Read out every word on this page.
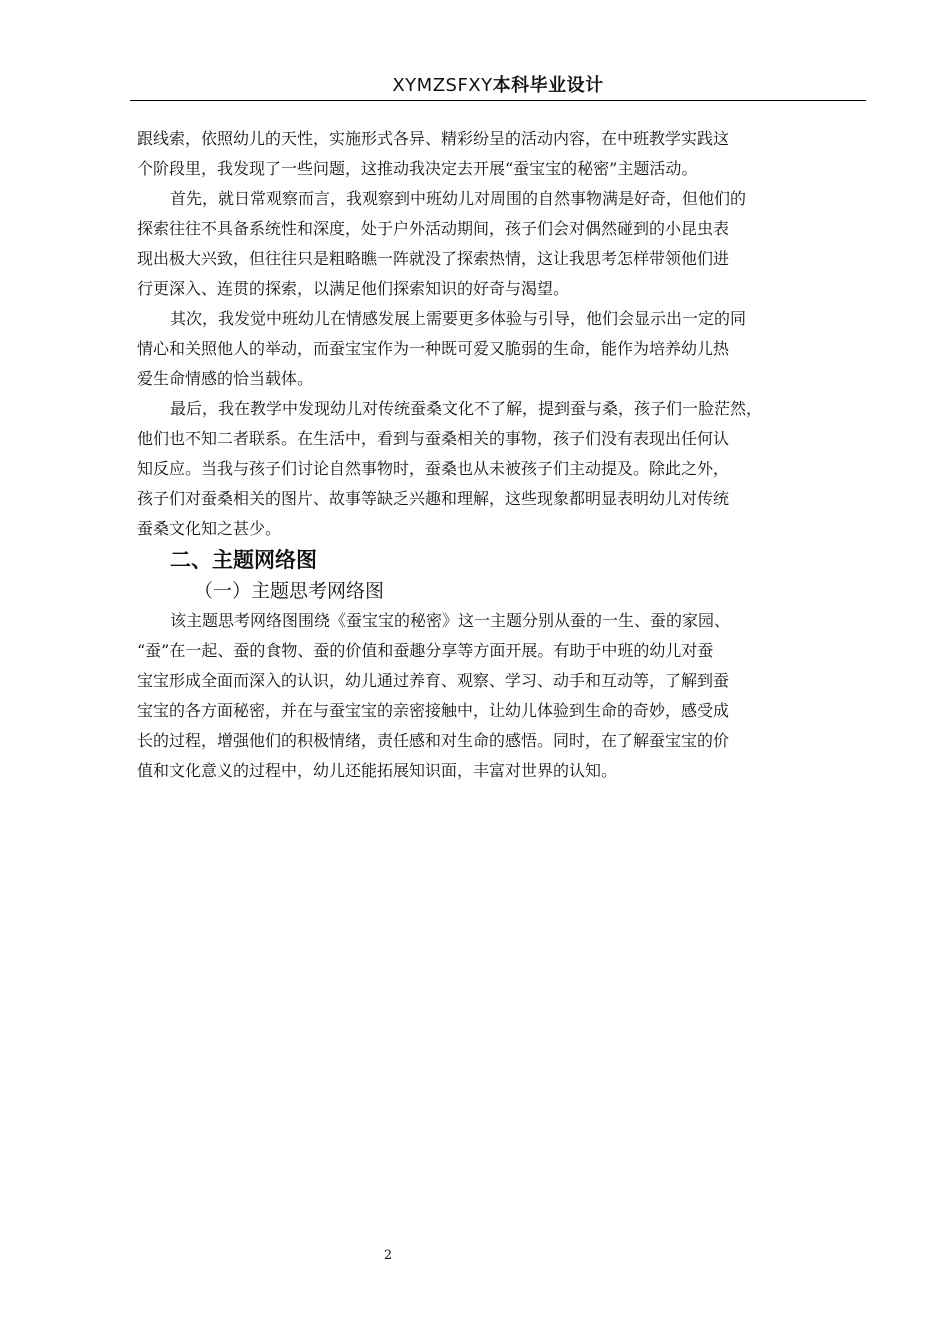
XYMZSFXY本科毕业设计
跟线索，依照幼儿的天性，实施形式各异、精彩纷呈的活动内容，在中班教学实践这
个阶段里，我发现了一些问题，这推动我决定去开展“蚕宝宝的秘密”主题活动。
首先，就日常观察而言，我观察到中班幼儿对周围的自然事物满是好奇，但他们的
探索往往不具备系统性和深度，处于户外活动期间，孩子们会对偶然碰到的小昆虫表
现出极大兴致，但往往只是粗略瞧一阵就没了探索热情，这让我思考怎样带领他们进
行更深入、连贯的探索，以满足他们探索知识的好奇与渴望。
其次，我发觉中班幼儿在情感发展上需要更多体验与引导，他们会显示出一定的同
情心和关照他人的举动，而蚕宝宝作为一种既可爱又脆弱的生命，能作为培养幼儿热
爱生命情感的恰当载体。
最后，我在教学中发现幼儿对传统蚕桑文化不了解，提到蚕与桑，孩子们一脸茫然，
他们也不知二者联系。在生活中，看到与蚕桑相关的事物，孩子们没有表现出任何认
知反应。当我与孩子们讨论自然事物时，蚕桑也从未被孩子们主动提及。除此之外，
孩子们对蚕桑相关的图片、故事等缺乏兴趣和理解，这些现象都明显表明幼儿对传统
蚕桑文化知之甚少。
二、主题网络图
（一）主题思考网络图
该主题思考网络图围绕《蚕宝宝的秘密》这一主题分别从蚕的一生、蚕的家园、
“蚕”在一起、蚕的食物、蚕的价值和蚕趣分享等方面开展。有助于中班的幼儿对蚕
宝宝形成全面而深入的认识，幼儿通过养育、观察、学习、动手和互动等，了解到蚕
宝宝的各方面秘密，并在与蚕宝宝的亲密接触中，让幼儿体验到生命的奇妙，感受成
长的过程，增强他们的积极情绪，责任感和对生命的感悟。同时，在了解蚕宝宝的价
值和文化意义的过程中，幼儿还能拓展知识面，丰富对世界的认知。
2
